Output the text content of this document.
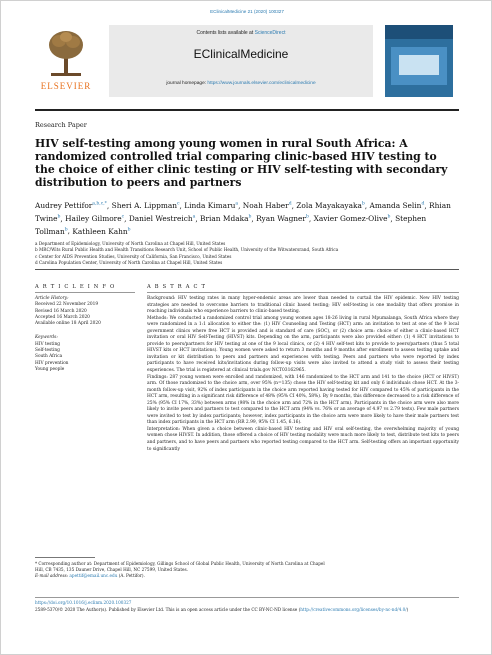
EClinicalMedicine 21 (2020) 100327
ELSEVIER
Contents lists available at ScienceDirect
EClinicalMedicine
journal homepage: https://www.journals.elsevier.com/eclinicalmedicine
Research Paper
HIV self-testing among young women in rural South Africa: A randomized controlled trial comparing clinic-based HIV testing to the choice of either clinic testing or HIV self-testing with secondary distribution to peers and partners
Audrey Pettifor$^{a,b,c,*}$, Sheri A. Lippman$^c$, Linda Kimaru$^a$, Noah Haber$^d$, Zola Mayakayaka$^b$, Amanda Selin$^d$, Rhian Twine$^b$, Hailey Gilmore$^c$, Daniel Westreich$^a$, Brian Mdaka$^b$, Ryan Wagner$^b$, Xavier Gomez-Olive$^b$, Stephen Tollman$^b$, Kathleen Kahn$^b$
a Department of Epidemiology, University of North Carolina at Chapel Hill, United States
b MRC/Wits Rural Public Health and Health Transitions Research Unit, School of Public Health, University of the Witwatersrand, South Africa
c Center for AIDS Prevention Studies, University of California, San Francisco, United States
d Carolina Population Center, University of North Carolina at Chapel Hill, United States
A R T I C L E I N F O
Article History:
Received 22 November 2019
Revised 16 March 2020
Accepted 16 March 2020
Available online 18 April 2020
Keywords:
HIV testing
Self-testing
South Africa
HIV prevention
Young people
A B S T R A C T

Background: HIV testing rates in many hyper-endemic areas are lower than needed to curtail the HIV epidemic. New HIV testing strategies are needed to overcome barriers to traditional clinic based testing; HIV self-testing is one modality that offers promise in reaching individuals who experience barriers to clinic-based testing.

Methods: We conducted a randomized control trial among young women ages 18-26 living in rural Mpumalanga, South Africa where they were randomized in a 1:1 allocation to either the: (1) HIV Counseling and Testing (HCT) arm: an invitation to test at one of the 9 local government clinics where free HCT is provided and is standard of care (SOC), or (2) choice arm: choice of either a clinic-based HCT invitation or oral HIV Self-Testing (HIVST) kits. Depending on the arm, participants were also provided either: (1) 4 HCT invitations to provide to peers/partners for HIV testing at one of the 9 local clinics, or (2) 4 HIV self-test kits to provide to peers/partners (thus 5 total HIVST kits or HCT invitations). Young women were asked to return 3 months and 9 months after enrollment to assess testing uptake and invitation or kit distribution to peers and partners and experiences with testing. Peers and partners who were reported by index participants to have received kits/invitations during follow-up visits were also invited to attend a study visit to assess their testing experiences. The trial is registered at clinical trials.gov NCT03162965.

Findings: 287 young women were enrolled and randomized, with 146 randomized to the HCT arm and 141 to the choice (HCT or HIVST) arm. Of those randomized to the choice arm, over 95% (n=135) chose the HIV self-testing kit and only 6 individuals chose HCT. At the 3-month follow-up visit, 92% of index participants in the choice arm reported having tested for HIV compared to 45% of participants in the HCT arm, resulting in a significant risk difference of 48% (95% CI 40%, 58%). By 9 months, this difference decreased to a risk difference of 25% (95% CI 17%, 33%) between arms (98% in the choice arm and 72% in the HCT arm). Participants in the choice arm were also more likely to invite peers and partners to test compared to the HCT arm (94% vs. 76% or an average of 4.97 vs 2.79 tests). Few male partners were invited to test by index participants; however, index participants in the choice arm were more likely to have their male partners test than index participants in the HCT arm (RR 2.99, 95% CI 1.45, 6.16).

Interpretation: When given a choice between clinic-based HIV testing and HIV oral self-testing, the overwhelming majority of young women chose HIVST. In addition, those offered a choice of HIV testing modality were much more likely to test, distribute test kits to peers and partners, and to have peers and partners who reported testing compared to the HCT arm. Self-testing offers an important opportunity to significantly

* Corresponding author at: Department of Epidemiology, Gillings School of Global Public Health, University of North Carolina at Chapel Hill, CB 7435, 135 Dauner Drive, Chapel Hill, NC 27599, United States.
E-mail address: apettif@email.unc.edu (A. Pettifor).
https://doi.org/10.1016/j.eclinm.2020.100327
2589-5370/© 2020 The Author(s). Published by Elsevier Ltd. This is an open access article under the CC BY-NC-ND license (http://creativecommons.org/licenses/by-nc-nd/4.0/)
